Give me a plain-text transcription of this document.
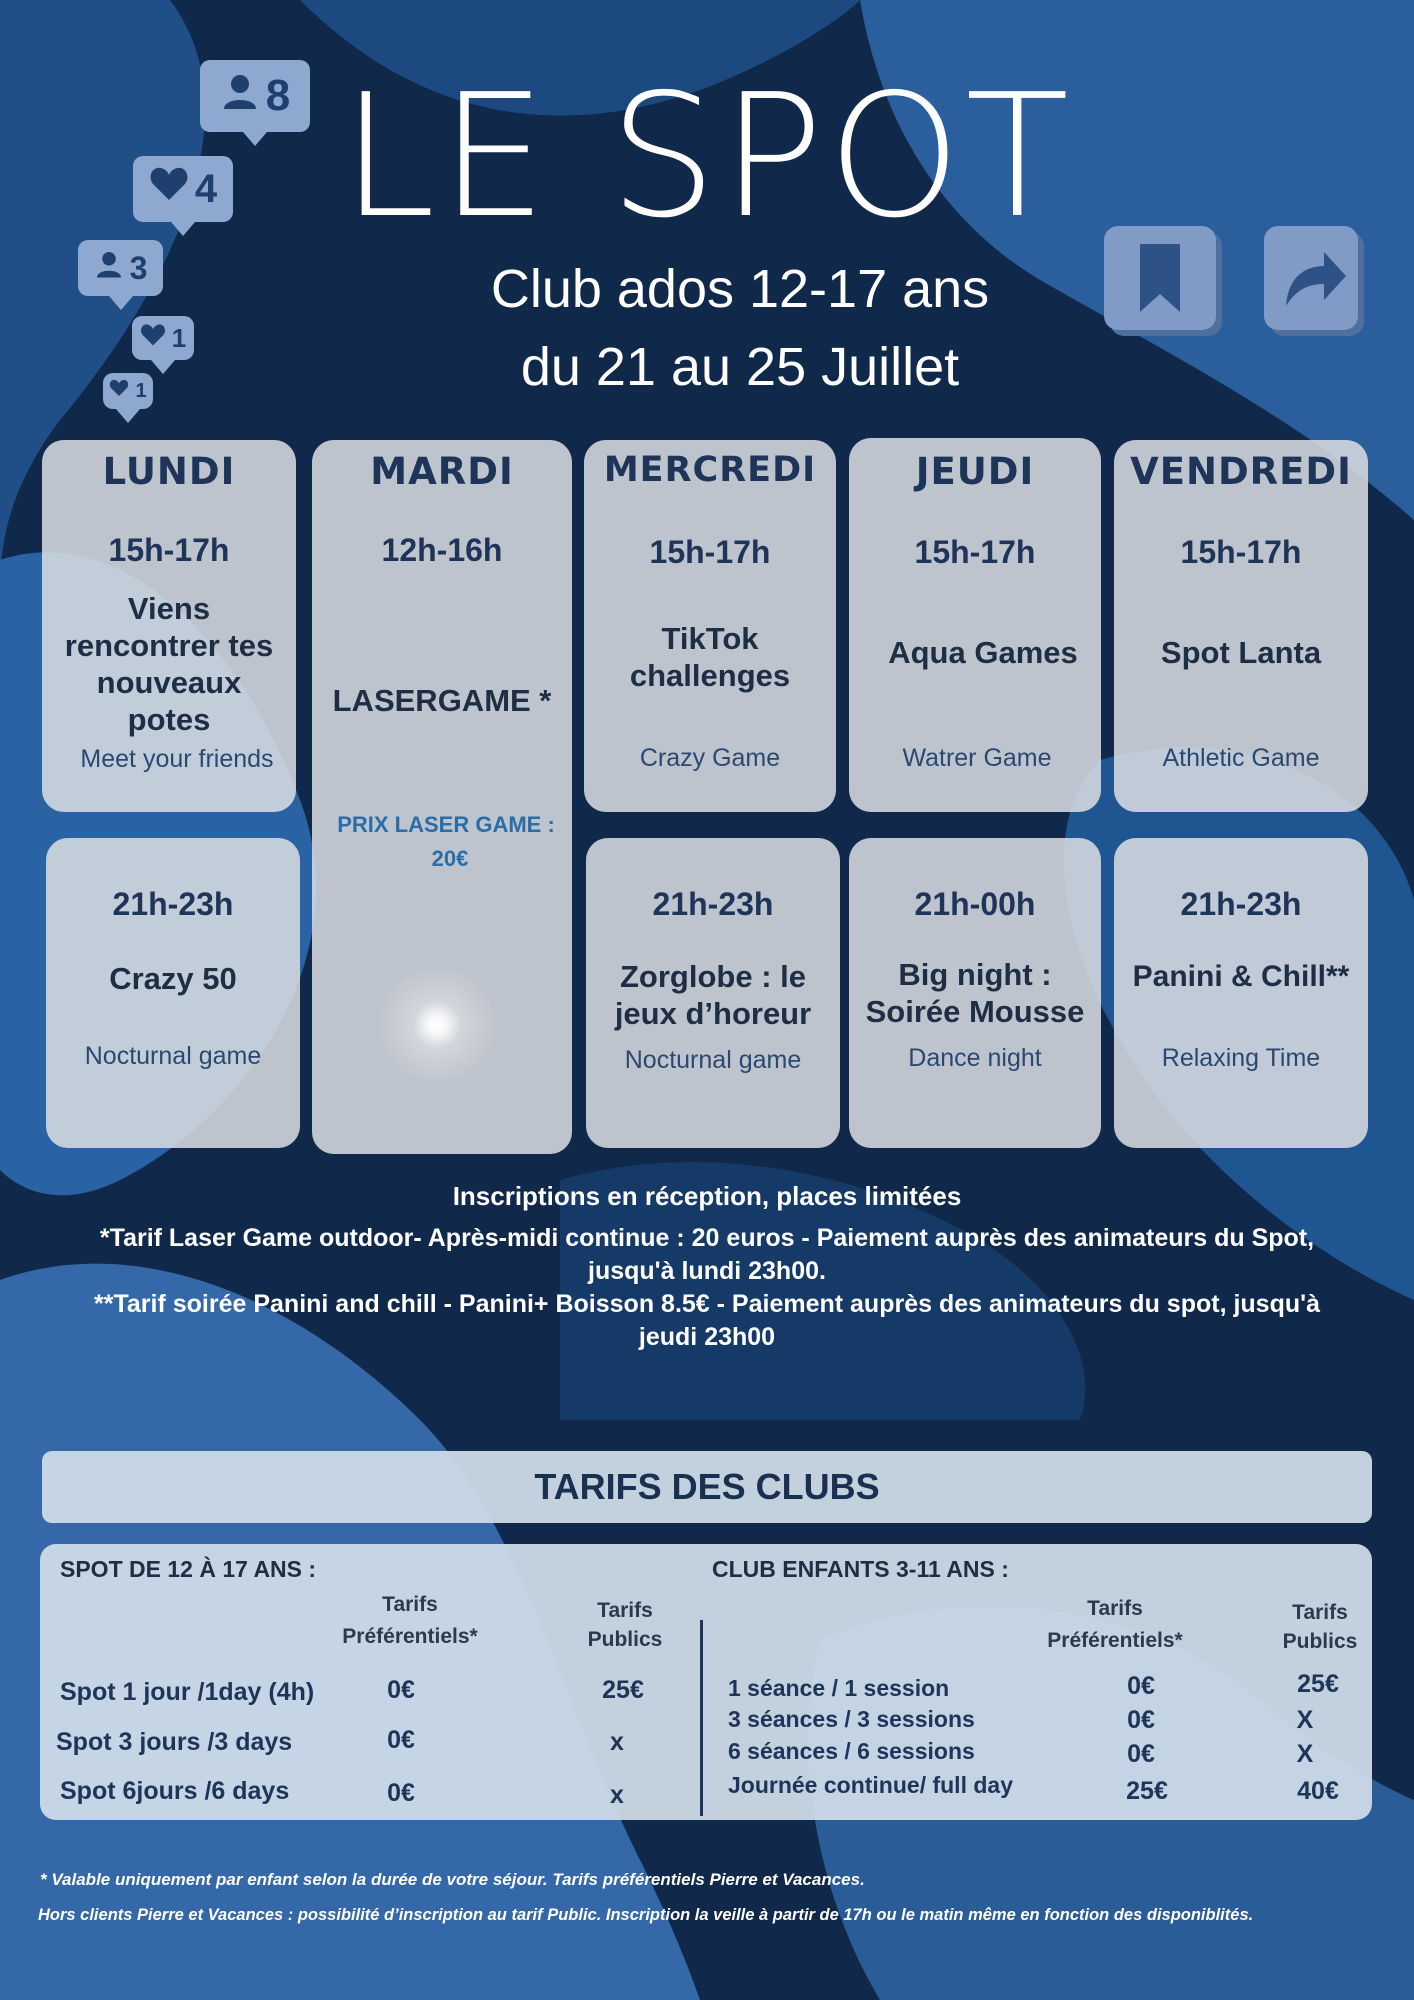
LE SPOT
Club ados 12-17 ans
du 21 au 25 Juillet
8
4
3
1
1
LUNDI
15h-17h
Viens
rencontrer tes
nouveaux
potes
Meet your friends
21h-23h
Crazy 50
Nocturnal game
MARDI
12h-16h
LASERGAME *
PRIX LASER GAME :
20€
MERCREDI
15h-17h
TikTok
challenges
Crazy Game
21h-23h
Zorglobe : le
jeux d’horeur
Nocturnal game
JEUDI
15h-17h
Aqua Games
Watrer Game
21h-00h
Big night :
Soirée Mousse
Dance night
VENDREDI
15h-17h
Spot Lanta
Athletic Game
21h-23h
Panini & Chill**
Relaxing Time
Inscriptions en réception, places limitées
*Tarif Laser Game outdoor- Après-midi continue : 20 euros - Paiement auprès des animateurs du Spot,
jusqu'à lundi 23h00.
**Tarif soirée Panini and chill - Panini+ Boisson 8.5€ - Paiement auprès des animateurs du spot, jusqu'à
jeudi 23h00
TARIFS DES CLUBS
SPOT DE 12 À 17 ANS :
Tarifs
Préférentiels*
Tarifs
Publics
Spot 1 jour /1day (4h)	0€	25€
Spot 3 jours /3 days	0€	x
Spot 6jours /6 days	0€	x
CLUB ENFANTS 3-11 ANS :
Tarifs
Préférentiels*
Tarifs
Publics
1 séance / 1 session	0€	25€
3 séances / 3 sessions	0€	X
6 séances / 6 sessions	0€	X
Journée continue/ full day	25€	40€
* Valable uniquement par enfant selon la durée de votre séjour. Tarifs préférentiels Pierre et Vacances.
Hors clients Pierre et Vacances : possibilité d’inscription au tarif Public. Inscription la veille à partir de 17h ou le matin même en fonction des disponiblités.
